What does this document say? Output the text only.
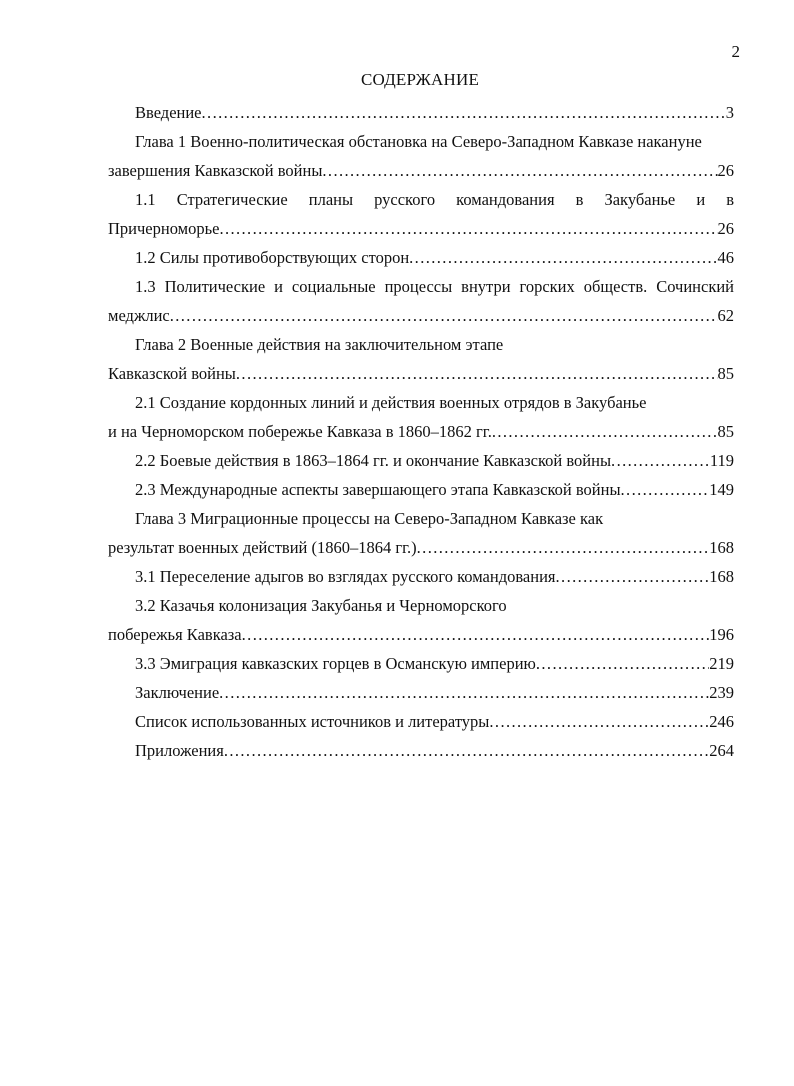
2
СОДЕРЖАНИЕ
Введение .....	3
Глава 1 Военно-политическая обстановка на Северо-Западном Кавказе накануне
завершения Кавказской войны .....	26
1.1 Стратегические планы русского командования в Закубанье и в
Причерноморье .....	26
1.2 Силы противоборствующих сторон .....	46
1.3 Политические и социальные процессы внутри горских обществ. Сочинский
меджлис .....	62
Глава 2 Военные действия на заключительном этапе
Кавказской войны .....	85
2.1 Создание кордонных линий и действия военных отрядов в Закубанье
и на Черноморском побережье Кавказа в 1860–1862 гг. .....	85
2.2 Боевые действия в 1863–1864 гг. и окончание Кавказской войны .....	119
2.3 Международные аспекты завершающего этапа Кавказской войны .....	149
Глава 3 Миграционные процессы на Северо-Западном Кавказе как
результат военных действий (1860–1864 гг.) .....	168
3.1 Переселение адыгов во взглядах русского командования .....	168
3.2 Казачья колонизация Закубанья и Черноморского
побережья Кавказа .....	196
3.3 Эмиграция кавказских горцев в Османскую империю .....	219
Заключение .....	239
Список использованных источников и литературы .....	246
Приложения .....	264
